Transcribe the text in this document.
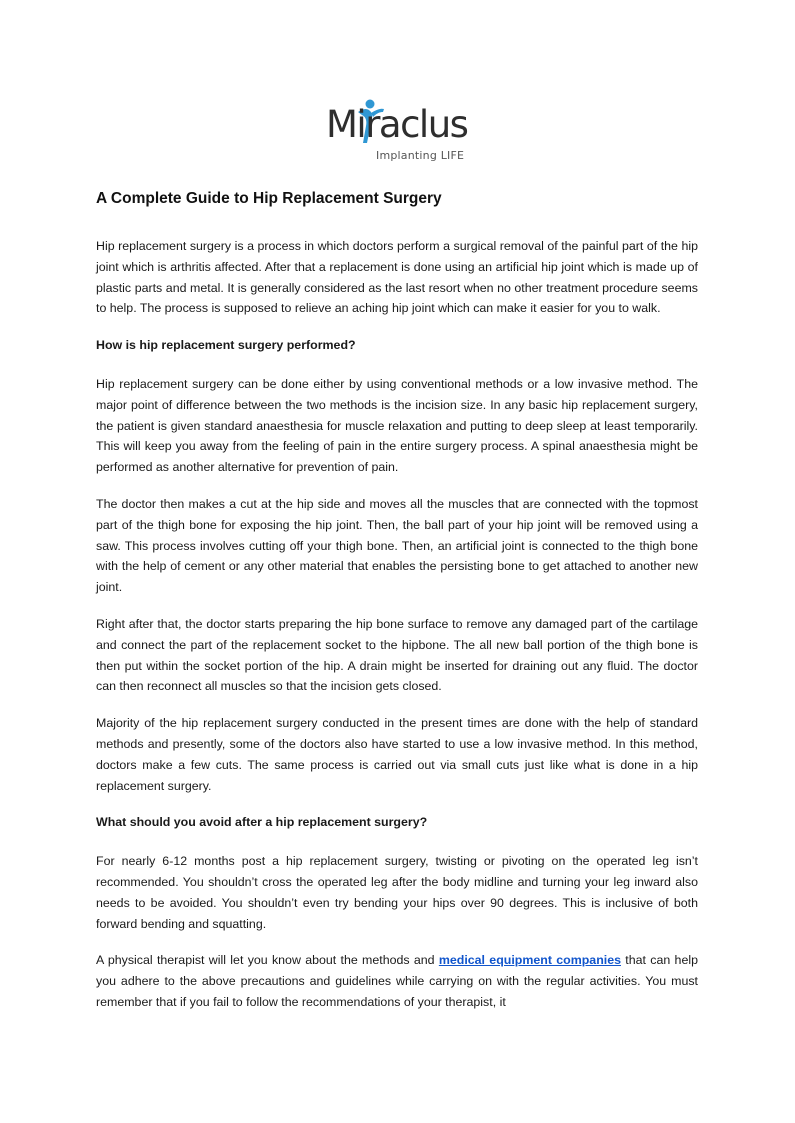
Miraclus
Implanting LIFE
A Complete Guide to Hip Replacement Surgery

Hip replacement surgery is a process in which doctors perform a surgical removal of the painful part of the hip joint which is arthritis affected. After that a replacement is done using an artificial hip joint which is made up of plastic parts and metal. It is generally considered as the last resort when no other treatment procedure seems to help. The process is supposed to relieve an aching hip joint which can make it easier for you to walk.

How is hip replacement surgery performed?

Hip replacement surgery can be done either by using conventional methods or a low invasive method. The major point of difference between the two methods is the incision size. In any basic hip replacement surgery, the patient is given standard anaesthesia for muscle relaxation and putting to deep sleep at least temporarily. This will keep you away from the feeling of pain in the entire surgery process. A spinal anaesthesia might be performed as another alternative for prevention of pain.

The doctor then makes a cut at the hip side and moves all the muscles that are connected with the topmost part of the thigh bone for exposing the hip joint. Then, the ball part of your hip joint will be removed using a saw. This process involves cutting off your thigh bone. Then, an artificial joint is connected to the thigh bone with the help of cement or any other material that enables the persisting bone to get attached to another new joint.

Right after that, the doctor starts preparing the hip bone surface to remove any damaged part of the cartilage and connect the part of the replacement socket to the hipbone. The all new ball portion of the thigh bone is then put within the socket portion of the hip. A drain might be inserted for draining out any fluid. The doctor can then reconnect all muscles so that the incision gets closed.

Majority of the hip replacement surgery conducted in the present times are done with the help of standard methods and presently, some of the doctors also have started to use a low invasive method. In this method, doctors make a few cuts. The same process is carried out via small cuts just like what is done in a hip replacement surgery.

What should you avoid after a hip replacement surgery?

For nearly 6-12 months post a hip replacement surgery, twisting or pivoting on the operated leg isn’t recommended. You shouldn’t cross the operated leg after the body midline and turning your leg inward also needs to be avoided. You shouldn’t even try bending your hips over 90 degrees. This is inclusive of both forward bending and squatting.

A physical therapist will let you know about the methods and medical equipment companies that can help you adhere to the above precautions and guidelines while carrying on with the regular activities. You must remember that if you fail to follow the recommendations of your therapist, it
